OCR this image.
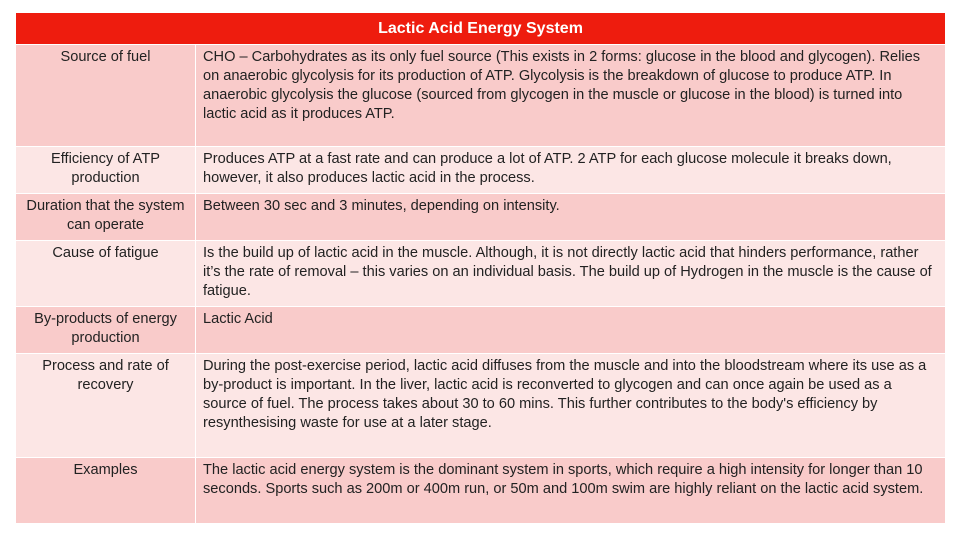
Lactic Acid Energy System	
Source of fuel	CHO – Carbohydrates as its only fuel source (This exists in 2 forms: glucose in the blood and glycogen). Relies on anaerobic glycolysis for its production of ATP. Glycolysis is the breakdown of glucose to produce ATP. In anaerobic glycolysis the glucose (sourced from glycogen in the muscle or glucose in the blood) is turned into lactic acid as it produces ATP.
Efficiency of ATP production	Produces ATP at a fast rate and can produce a lot of ATP. 2 ATP for each glucose molecule it breaks down, however, it also produces lactic acid in the process.
Duration that the system can operate	Between 30 sec and 3 minutes, depending on intensity.
Cause of fatigue	Is the build up of lactic acid in the muscle. Although, it is not directly lactic acid that hinders performance, rather it’s the rate of removal – this varies on an individual basis. The build up of Hydrogen in the muscle is the cause of fatigue.
By-products of energy production	Lactic Acid
Process and rate of recovery	During the post-exercise period, lactic acid diffuses from the muscle and into the bloodstream where its use as a by-product is important. In the liver, lactic acid is reconverted to glycogen and can once again be used as a source of fuel. The process takes about 30 to 60 mins. This further contributes to the body's efficiency by resynthesising waste for use at a later stage.
Examples	The lactic acid energy system is the dominant system in sports, which require a high intensity for longer than 10 seconds. Sports such as 200m or 400m run, or 50m and 100m swim are highly reliant on the lactic acid system.
